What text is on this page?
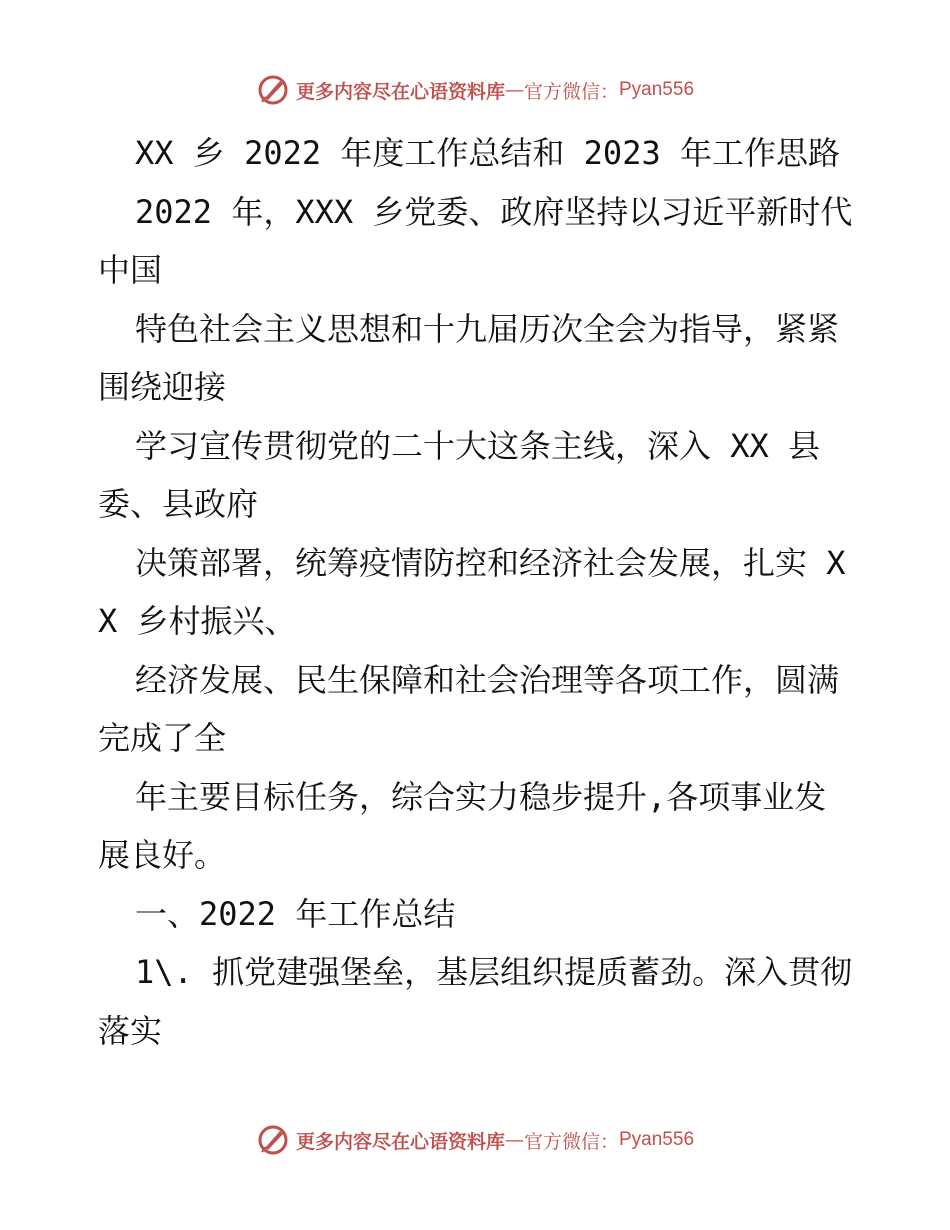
更多内容尽在心语资料库 — 官方微信： Pyan556

XX 乡 2022 年度工作总结和 2023 年工作思路

2022 年，XXX 乡党委、政府坚持以习近平新时代中国

特色社会主义思想和十九届历次全会为指导，紧紧围绕迎接

学习宣传贯彻党的二十大这条主线，深入 XX 县委、县政府

决策部署，统筹疫情防控和经济社会发展，扎实 XX 乡村振兴、

经济发展、民生保障和社会治理等各项工作，圆满完成了全

年主要目标任务，综合实力稳步提升,各项事业发展良好。

一、2022 年工作总结

1\. 抓党建强堡垒，基层组织提质蓄劲。深入贯彻落实

更多内容尽在心语资料库 — 官方微信： Pyan556
